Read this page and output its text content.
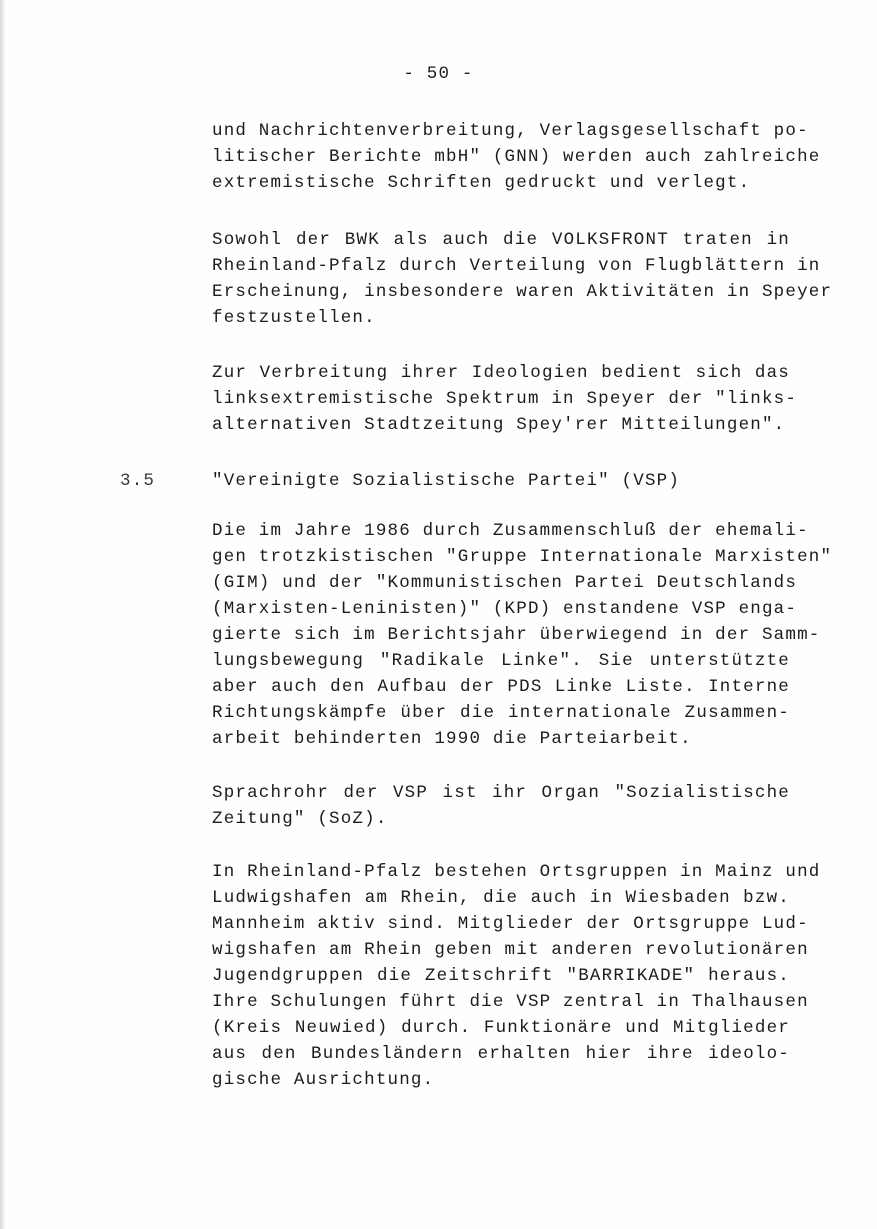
- 50 -
und Nachrichtenverbreitung, Verlagsgesellschaft po-
litischer Berichte mbH" (GNN) werden auch zahlreiche
extremistische Schriften gedruckt und verlegt.
Sowohl der BWK als auch die VOLKSFRONT traten in
Rheinland-Pfalz durch Verteilung von Flugblättern in
Erscheinung, insbesondere waren Aktivitäten in Speyer
festzustellen.
Zur Verbreitung ihrer Ideologien bedient sich das
linksextremistische Spektrum in Speyer der "links-
alternativen Stadtzeitung Spey'rer Mitteilungen".
3.5	"Vereinigte Sozialistische Partei" (VSP)
Die im Jahre 1986 durch Zusammenschluß der ehemali-
gen trotzkistischen "Gruppe Internationale Marxisten"
(GIM) und der "Kommunistischen Partei Deutschlands
(Marxisten-Leninisten)" (KPD) enstandene VSP enga-
gierte sich im Berichtsjahr überwiegend in der Samm-
lungsbewegung "Radikale Linke". Sie unterstützte
aber auch den Aufbau der PDS Linke Liste. Interne
Richtungskämpfe über die internationale Zusammen-
arbeit behinderten 1990 die Parteiarbeit.
Sprachrohr der VSP ist ihr Organ "Sozialistische
Zeitung" (SoZ).
In Rheinland-Pfalz bestehen Ortsgruppen in Mainz und
Ludwigshafen am Rhein, die auch in Wiesbaden bzw.
Mannheim aktiv sind. Mitglieder der Ortsgruppe Lud-
wigshafen am Rhein geben mit anderen revolutionären
Jugendgruppen die Zeitschrift "BARRIKADE" heraus.
Ihre Schulungen führt die VSP zentral in Thalhausen
(Kreis Neuwied) durch. Funktionäre und Mitglieder
aus den Bundesländern erhalten hier ihre ideolo-
gische Ausrichtung.
